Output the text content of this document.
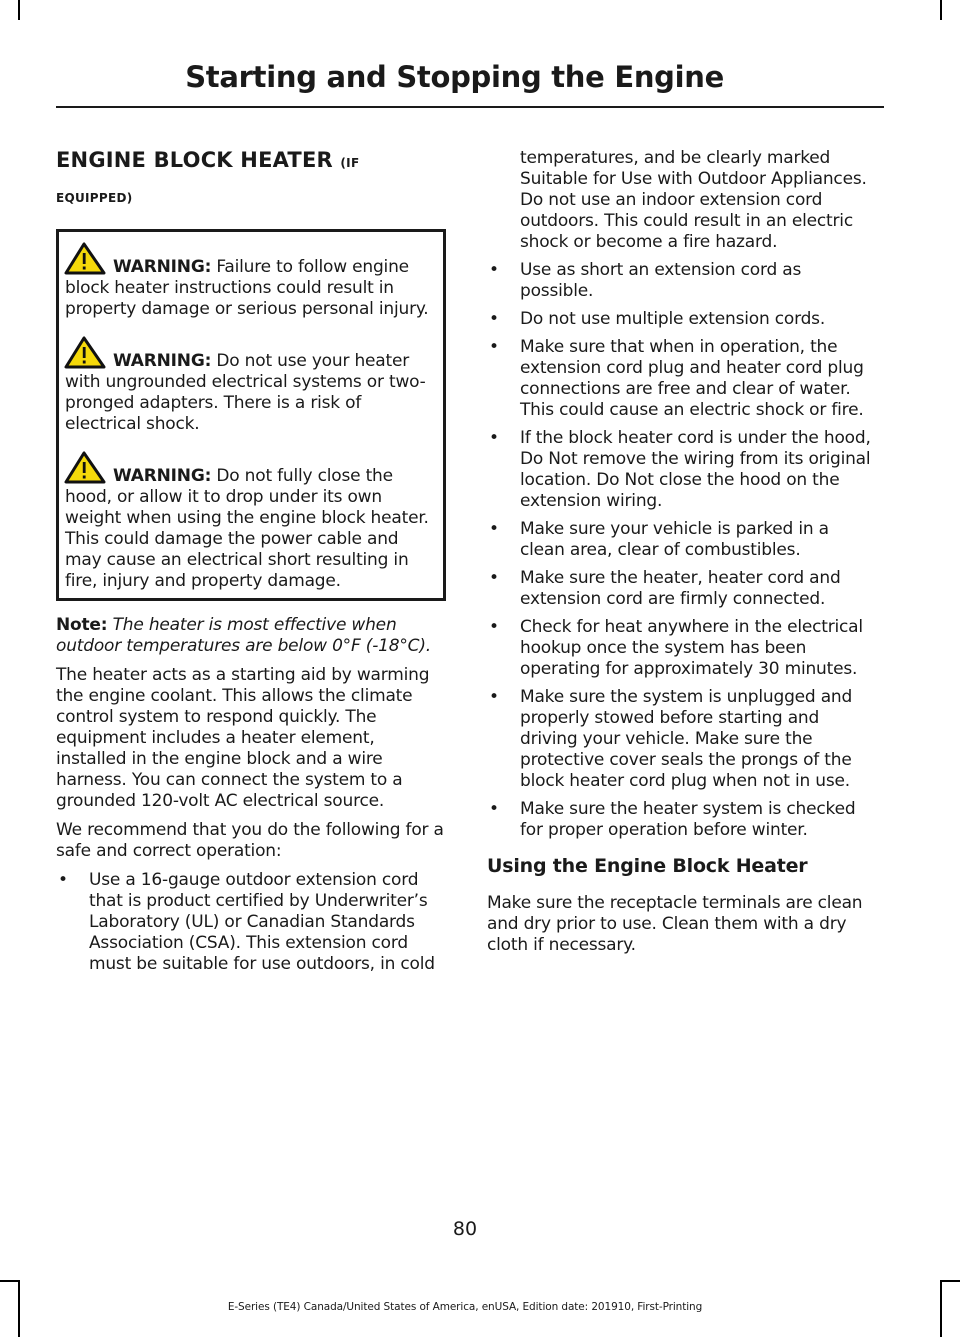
Starting and Stopping the Engine
ENGINE BLOCK HEATER (IF
EQUIPPED)
WARNING: Failure to follow engine block heater instructions could result in property damage or serious personal injury.
WARNING: Do not use your heater with ungrounded electrical systems or two-pronged adapters. There is a risk of electrical shock.
WARNING: Do not fully close the hood, or allow it to drop under its own weight when using the engine block heater. This could damage the power cable and may cause an electrical short resulting in fire, injury and property damage.

Note: The heater is most effective when outdoor temperatures are below 0°F (-18°C).

The heater acts as a starting aid by warming the engine coolant. This allows the climate control system to respond quickly. The equipment includes a heater element, installed in the engine block and a wire harness. You can connect the system to a grounded 120-volt AC electrical source.

We recommend that you do the following for a safe and correct operation:

• Use a 16-gauge outdoor extension cord that is product certified by Underwriter’s Laboratory (UL) or Canadian Standards Association (CSA). This extension cord must be suitable for use outdoors, in cold
temperatures, and be clearly marked Suitable for Use with Outdoor Appliances. Do not use an indoor extension cord outdoors. This could result in an electric shock or become a fire hazard.
• Use as short an extension cord as possible.
• Do not use multiple extension cords.
• Make sure that when in operation, the extension cord plug and heater cord plug connections are free and clear of water. This could cause an electric shock or fire.
• If the block heater cord is under the hood, Do Not remove the wiring from its original location. Do Not close the hood on the extension wiring.
• Make sure your vehicle is parked in a clean area, clear of combustibles.
• Make sure the heater, heater cord and extension cord are firmly connected.
• Check for heat anywhere in the electrical hookup once the system has been operating for approximately 30 minutes.
• Make sure the system is unplugged and properly stowed before starting and driving your vehicle. Make sure the protective cover seals the prongs of the block heater cord plug when not in use.
• Make sure the heater system is checked for proper operation before winter.
Using the Engine Block Heater

Make sure the receptacle terminals are clean and dry prior to use. Clean them with a dry cloth if necessary.

80
E-Series (TE4) Canada/United States of America, enUSA, Edition date: 201910, First-Printing
